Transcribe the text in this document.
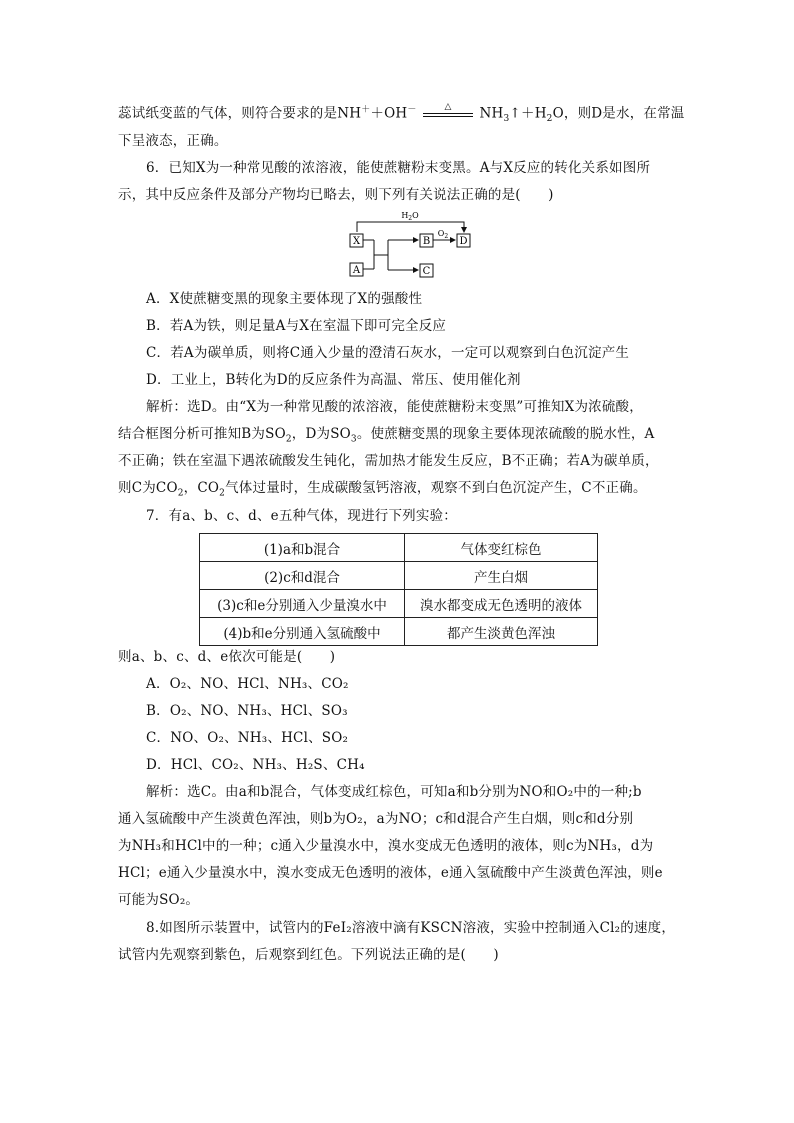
蕊试纸变蓝的气体，则符合要求的是NH＋＋OH－	△	$NH_3↑+H_2O$，则D是水，在常温
下呈液态，正确。
6．已知X为一种常见酸的浓溶液，能使蔗糖粉末变黑。A与X反应的转化关系如图所
示，其中反应条件及部分产物均已略去，则下列有关说法正确的是(　　)
$H_2O$
X
A
B	D
C
$O_2$
A．X使蔗糖变黑的现象主要体现了X的强酸性
B．若A为铁，则足量A与X在室温下即可完全反应
C．若A为碳单质，则将C通入少量的澄清石灰水，一定可以观察到白色沉淀产生
D．工业上，B转化为D的反应条件为高温、常压、使用催化剂
解析：选D。由“X为一种常见酸的浓溶液，能使蔗糖粉末变黑”可推知X为浓硫酸，
结合框图分析可推知B为$SO_2$，D为$SO_3$。使蔗糖变黑的现象主要体现浓硫酸的脱水性，A
不正确；铁在室温下遇浓硫酸发生钝化，需加热才能发生反应，B不正确；若A为碳单质，
则C为$CO_2$，$CO_2$气体过量时，生成碳酸氢钙溶液，观察不到白色沉淀产生，C不正确。
7．有a、b、c、d、e五种气体，现进行下列实验：
(1)a和b混合	气体变红棕色
(2)c和d混合	产生白烟
(3)c和e分别通入少量溴水中	溴水都变成无色透明的液体
(4)b和e分别通入氢硫酸中	都产生淡黄色浑浊
则a、b、c、d、e依次可能是(　　)
A．O₂、NO、HCl、NH₃、CO₂
B．O₂、NO、NH₃、HCl、SO₃
C．NO、O₂、NH₃、HCl、SO₂
D．HCl、CO₂、NH₃、H₂S、CH₄
解析：选C。由a和b混合，气体变成红棕色，可知a和b分别为NO和O₂中的一种;b
通入氢硫酸中产生淡黄色浑浊，则b为O₂，a为NO；c和d混合产生白烟，则c和d分别
为NH₃和HCl中的一种；c通入少量溴水中，溴水变成无色透明的液体，则c为NH₃，d为
HCl；e通入少量溴水中，溴水变成无色透明的液体，e通入氢硫酸中产生淡黄色浑浊，则e
可能为SO₂。
8.如图所示装置中，试管内的FeI₂溶液中滴有KSCN溶液，实验中控制通入Cl₂的速度，
试管内先观察到紫色，后观察到红色。下列说法正确的是(　　)
